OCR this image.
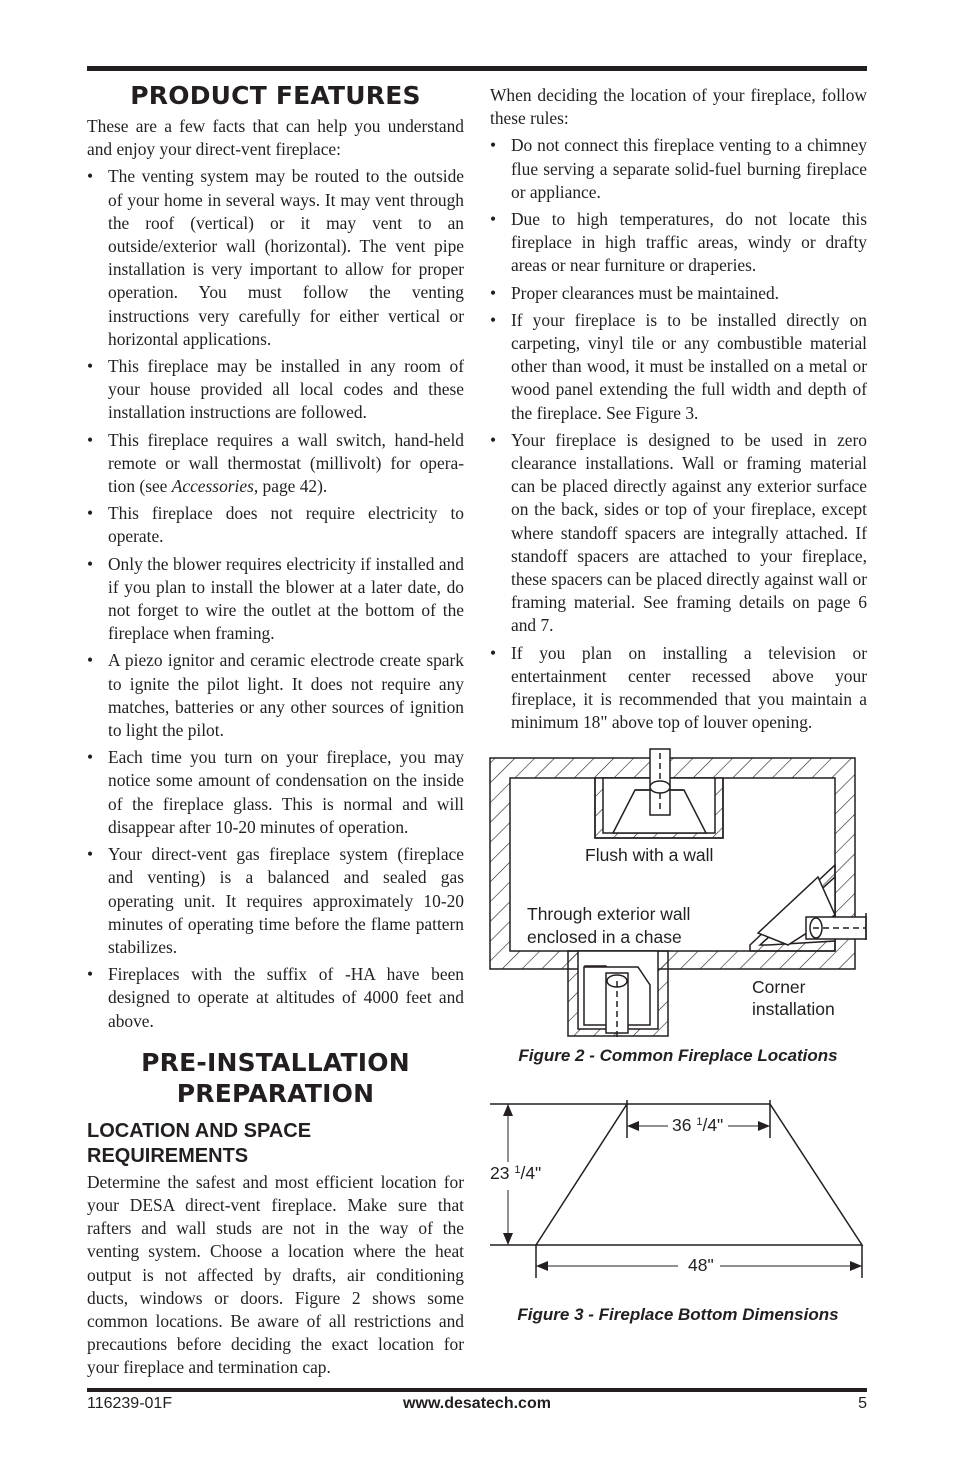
PRODUCT FEATURES

These are a few facts that can help you understand and enjoy your direct-vent fireplace:

• The venting system may be routed to the outside of your home in several ways. It may vent through the roof (vertical) or it may vent to an outside/exterior wall (horizontal). The vent pipe installation is very important to allow for proper operation. You must follow the venting instructions very carefully for either vertical or horizontal applications.
• This fireplace may be installed in any room of your house provided all local codes and these installation instructions are followed.
• This fireplace requires a wall switch, hand-held remote or wall thermostat (millivolt) for opera- tion (see Accessories, page 42).
• This fireplace does not require electricity to operate.
• Only the blower requires electricity if installed and if you plan to install the blower at a later date, do not forget to wire the outlet at the bottom of the fireplace when framing.
• A piezo ignitor and ceramic electrode create spark to ignite the pilot light. It does not require any matches, batteries or any other sources of ignition to light the pilot.
• Each time you turn on your fireplace, you may notice some amount of condensation on the inside of the fireplace glass. This is normal and will disappear after 10-20 minutes of operation.
• Your direct-vent gas fireplace system (fireplace and venting) is a balanced and sealed gas operating unit. It requires approximately 10-20 minutes of operating time before the flame pattern stabilizes.
• Fireplaces with the suffix of -HA have been designed to operate at altitudes of 4000 feet and above.
PRE-INSTALLATION
PREPARATION
LOCATION AND SPACE
REQUIREMENTS

Determine the safest and most efficient location for your DESA direct-vent fireplace. Make sure that rafters and wall studs are not in the way of the venting system. Choose a location where the heat output is not affected by drafts, air conditioning ducts, windows or doors. Figure 2 shows some common locations. Be aware of all restrictions and precautions before deciding the exact location for your fireplace and termination cap.

When deciding the location of your fireplace, follow these rules:

• Do not connect this fireplace venting to a chimney flue serving a separate solid-fuel burning fireplace or appliance.
• Due to high temperatures, do not locate this fireplace in high traffic areas, windy or drafty areas or near furniture or draperies.
• Proper clearances must be maintained.
• If your fireplace is to be installed directly on carpeting, vinyl tile or any combustible material other than wood, it must be installed on a metal or wood panel extending the full width and depth of the fireplace. See Figure 3.
• Your fireplace is designed to be used in zero clearance installations. Wall or framing material can be placed directly against any exterior surface on the back, sides or top of your fireplace, except where standoff spacers are integrally attached. If standoff spacers are attached to your fireplace, these spacers can be placed directly against wall or framing material. See framing details on page 6 and 7.
• If you plan on installing a television or entertainment center recessed above your fireplace, it is recommended that you maintain a minimum 18" above top of louver opening.
Flush with a wall
Through exterior wall
enclosed in a chase
Corner
installation
Figure 2 - Common Fireplace Locations
36 $^1$/4"
23 $^1$/4"
48"
Figure 3 - Fireplace Bottom Dimensions
116239-01F	www.desatech.com	5
